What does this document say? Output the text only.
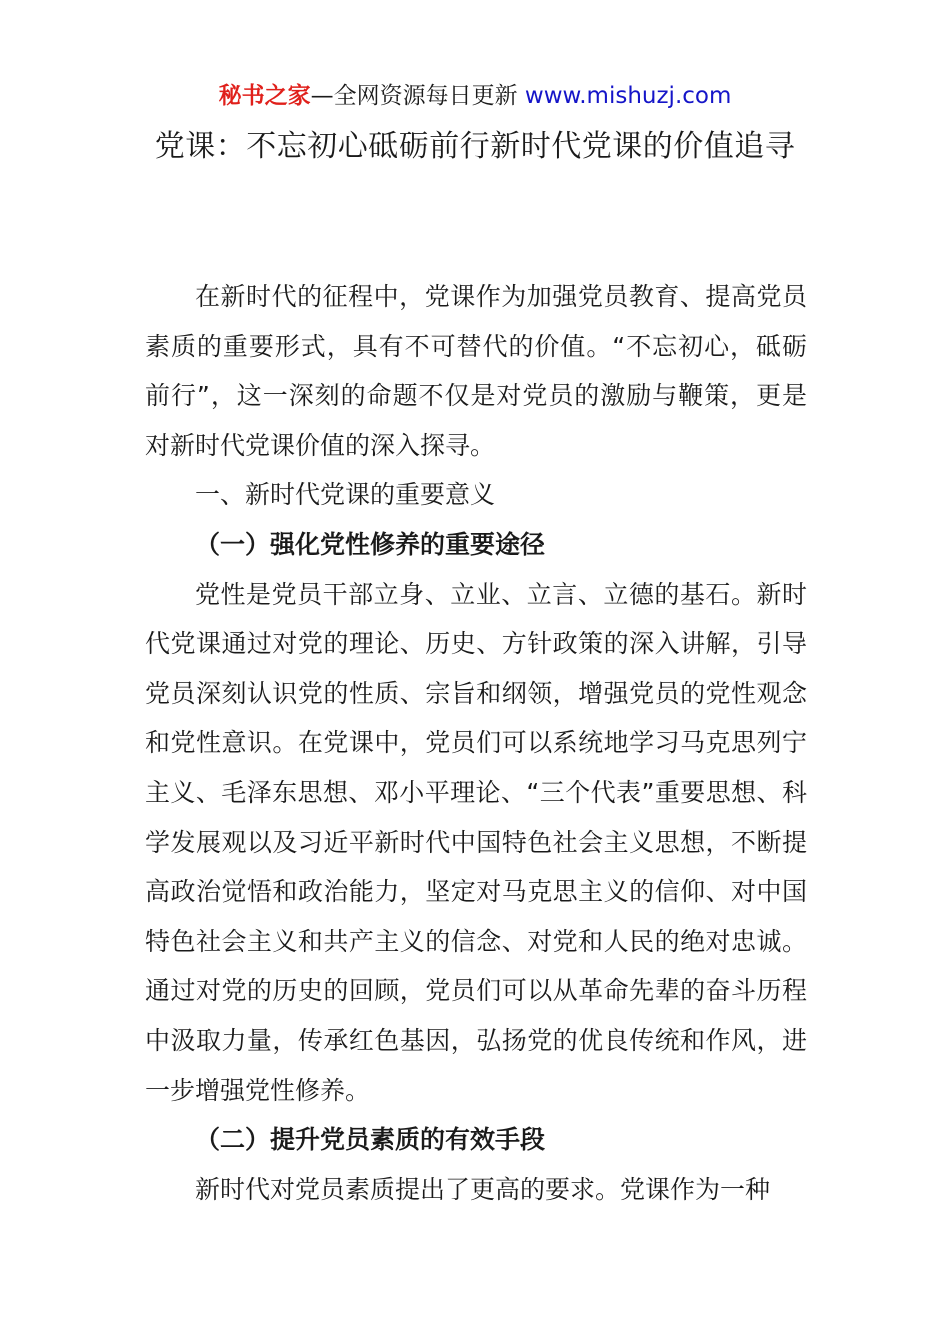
秘书之家—全网资源每日更新 www.mishuzj.com
党课：不忘初心砥砺前行新时代党课的价值追寻

在新时代的征程中，党课作为加强党员教育、提高党员素质的重要形式，具有不可替代的价值。“不忘初心，砥砺前行”，这一深刻的命题不仅是对党员的激励与鞭策，更是对新时代党课价值的深入探寻。

一、新时代党课的重要意义

（一）强化党性修养的重要途径

党性是党员干部立身、立业、立言、立德的基石。新时代党课通过对党的理论、历史、方针政策的深入讲解，引导党员深刻认识党的性质、宗旨和纲领，增强党员的党性观念和党性意识。在党课中，党员们可以系统地学习马克思列宁主义、毛泽东思想、邓小平理论、“三个代表”重要思想、科学发展观以及习近平新时代中国特色社会主义思想，不断提高政治觉悟和政治能力，坚定对马克思主义的信仰、对中国特色社会主义和共产主义的信念、对党和人民的绝对忠诚。通过对党的历史的回顾，党员们可以从革命先辈的奋斗历程中汲取力量，传承红色基因，弘扬党的优良传统和作风，进一步增强党性修养。

（二）提升党员素质的有效手段

新时代对党员素质提出了更高的要求。党课作为一种
